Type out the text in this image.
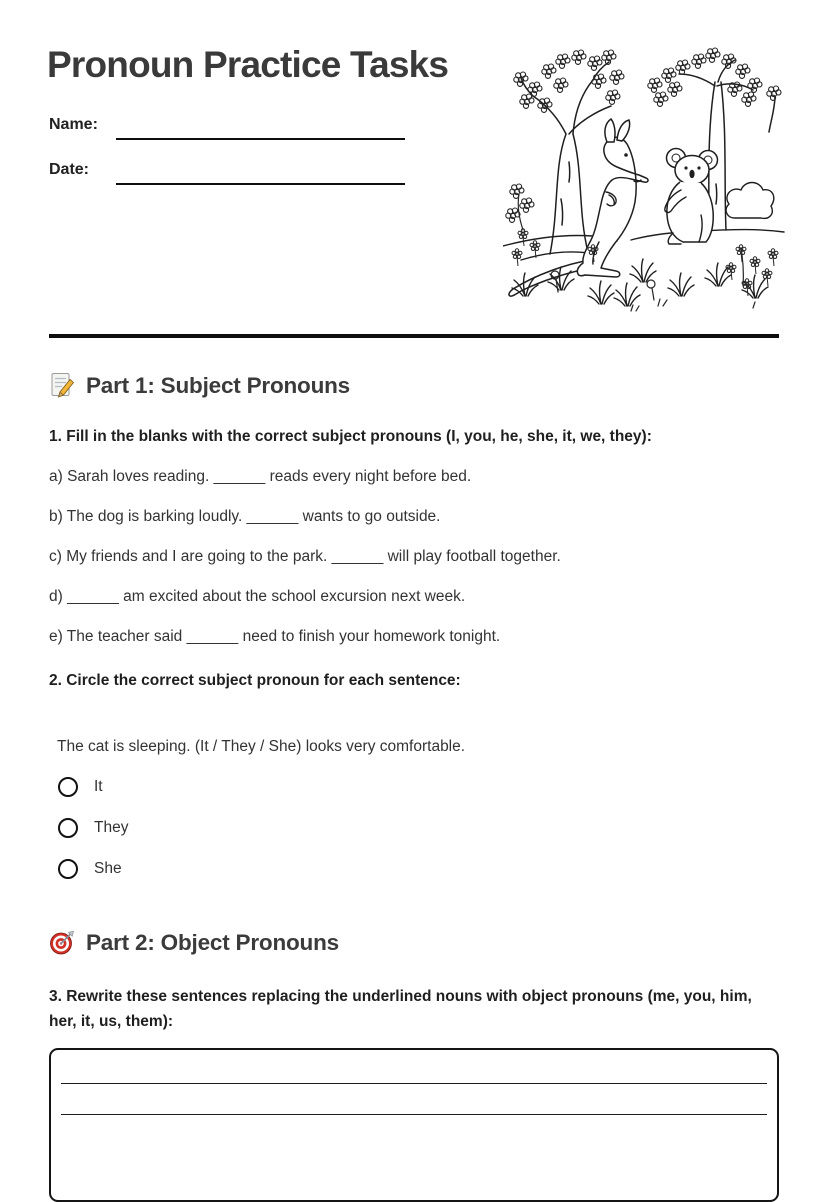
Pronoun Practice Tasks
Name:
Date:
Part 1: Subject Pronouns

1. Fill in the blanks with the correct subject pronouns (I, you, he, she, it, we, they):

a) Sarah loves reading. ______ reads every night before bed.

b) The dog is barking loudly. ______ wants to go outside.

c) My friends and I are going to the park. ______ will play football together.

d) ______ am excited about the school excursion next week.

e) The teacher said ______ need to finish your homework tonight.

2. Circle the correct subject pronoun for each sentence:

The cat is sleeping. (It / They / She) looks very comfortable.

It
They
She
Part 2: Object Pronouns

3. Rewrite these sentences replacing the underlined nouns with object pronouns (me, you, him, her, it, us, them):
